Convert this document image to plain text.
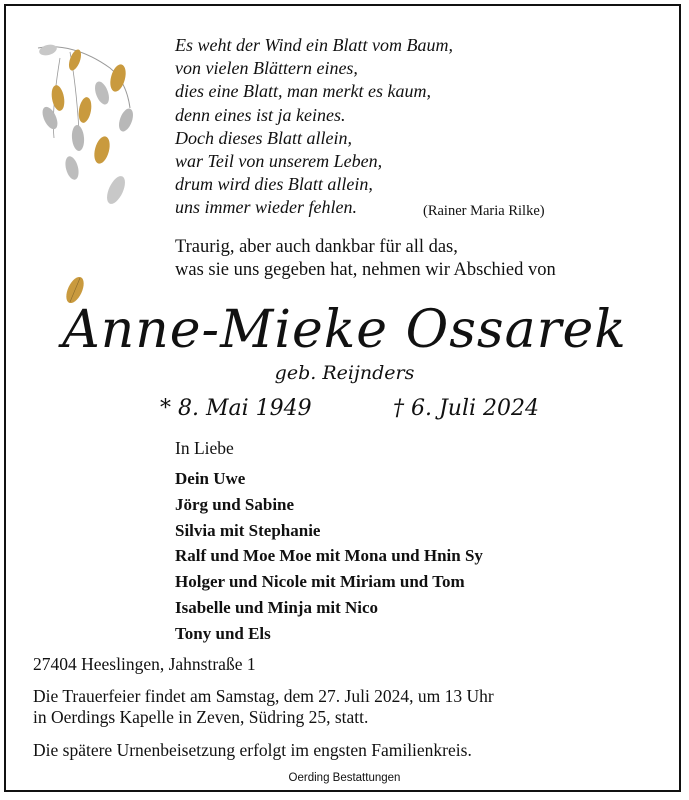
Es weht der Wind ein Blatt vom Baum,
von vielen Blättern eines,
dies eine Blatt, man merkt es kaum,
denn eines ist ja keines.
Doch dieses Blatt allein,
war Teil von unserem Leben,
drum wird dies Blatt allein,
uns immer wieder fehlen.	(Rainer Maria Rilke)
Traurig, aber auch dankbar für all das,
was sie uns gegeben hat, nehmen wir Abschied von
Anne-Mieke Ossarek
geb. Reijnders
* 8. Mai 1949	† 6. Juli 2024
In Liebe
Dein Uwe
Jörg und Sabine
Silvia mit Stephanie
Ralf und Moe Moe mit Mona und Hnin Sy
Holger und Nicole mit Miriam und Tom
Isabelle und Minja mit Nico
Tony und Els
27404 Heeslingen, Jahnstraße 1
Die Trauerfeier findet am Samstag, dem 27. Juli 2024, um 13 Uhr
in Oerdings Kapelle in Zeven, Südring 25, statt.
Die spätere Urnenbeisetzung erfolgt im engsten Familienkreis.
Oerding Bestattungen
